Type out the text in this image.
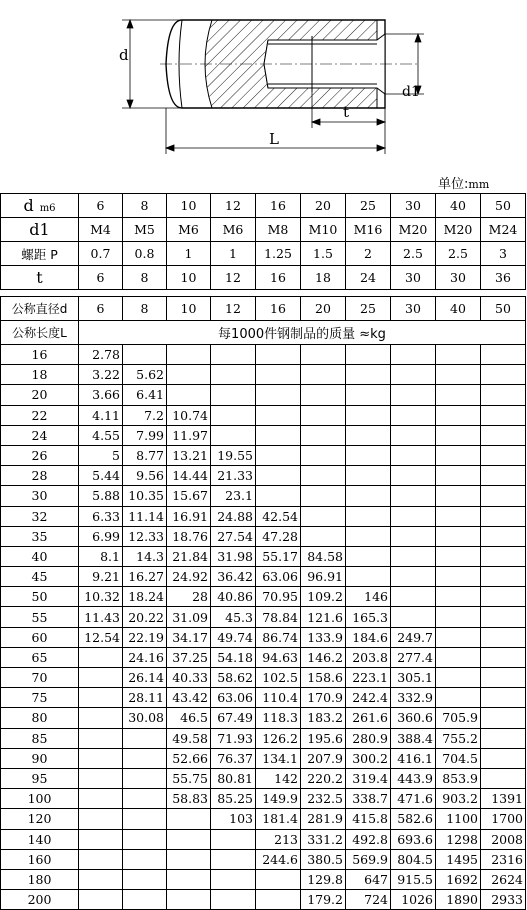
d
d1
t
L
单位:mm
d m6	6	8	10	12	16	20	25	30	40	50
d1	M4	M5	M6	M6	M8	M10	M16	M20	M20	M24
螺距 P	0.7	0.8	1	1	1.25	1.5	2	2.5	2.5	3
t	6	8	10	12	16	18	24	30	30	36

公称直径d	6	8	10	12	16	20	25	30	40	50
公称长度L	每1000件钢制品的质量 ≈kg									
16	2.78									
18	3.22	5.62								
20	3.66	6.41								
22	4.11	7.2	10.74							
24	4.55	7.99	11.97							
26	5	8.77	13.21	19.55						
28	5.44	9.56	14.44	21.33						
30	5.88	10.35	15.67	23.1						
32	6.33	11.14	16.91	24.88	42.54					
35	6.99	12.33	18.76	27.54	47.28					
40	8.1	14.3	21.84	31.98	55.17	84.58				
45	9.21	16.27	24.92	36.42	63.06	96.91				
50	10.32	18.24	28	40.86	70.95	109.2	146			
55	11.43	20.22	31.09	45.3	78.84	121.6	165.3			
60	12.54	22.19	34.17	49.74	86.74	133.9	184.6	249.7		
65		24.16	37.25	54.18	94.63	146.2	203.8	277.4		
70		26.14	40.33	58.62	102.5	158.6	223.1	305.1		
75		28.11	43.42	63.06	110.4	170.9	242.4	332.9		
80		30.08	46.5	67.49	118.3	183.2	261.6	360.6	705.9	
85			49.58	71.93	126.2	195.6	280.9	388.4	755.2	
90			52.66	76.37	134.1	207.9	300.2	416.1	704.5	
95			55.75	80.81	142	220.2	319.4	443.9	853.9	
100			58.83	85.25	149.9	232.5	338.7	471.6	903.2	1391
120				103	181.4	281.9	415.8	582.6	1100	1700
140					213	331.2	492.8	693.6	1298	2008
160					244.6	380.5	569.9	804.5	1495	2316
180						129.8	647	915.5	1692	2624
200						179.2	724	1026	1890	2933
